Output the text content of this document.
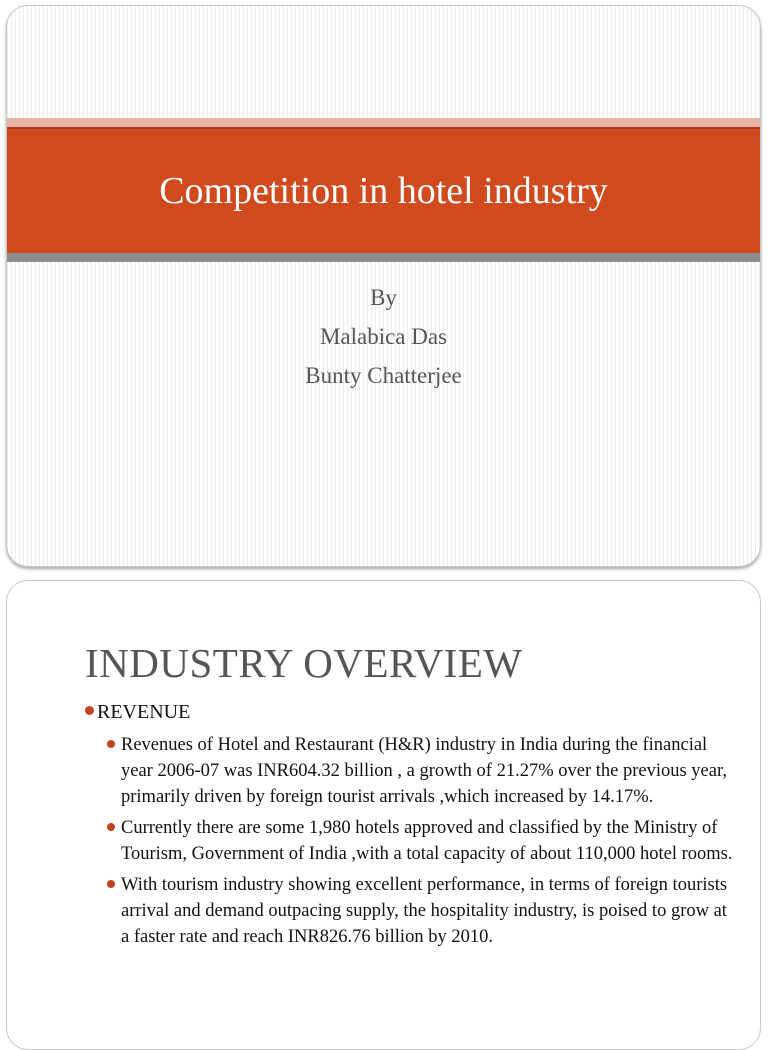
Competition in hotel industry
By
Malabica Das
Bunty Chatterjee
INDUSTRY OVERVIEW
REVENUE
Revenues of Hotel and Restaurant (H&R) industry in India during the financial year 2006-07 was INR604.32 billion , a growth of 21.27% over the previous year, primarily driven by foreign tourist arrivals ,which increased by 14.17%.
Currently there are some 1,980 hotels approved and classified by the Ministry of Tourism, Government of India ,with a total capacity of about 110,000 hotel rooms.
With tourism industry showing excellent performance, in terms of foreign tourists arrival and demand outpacing supply, the hospitality industry, is poised to grow at a faster rate and reach INR826.76 billion by 2010.
